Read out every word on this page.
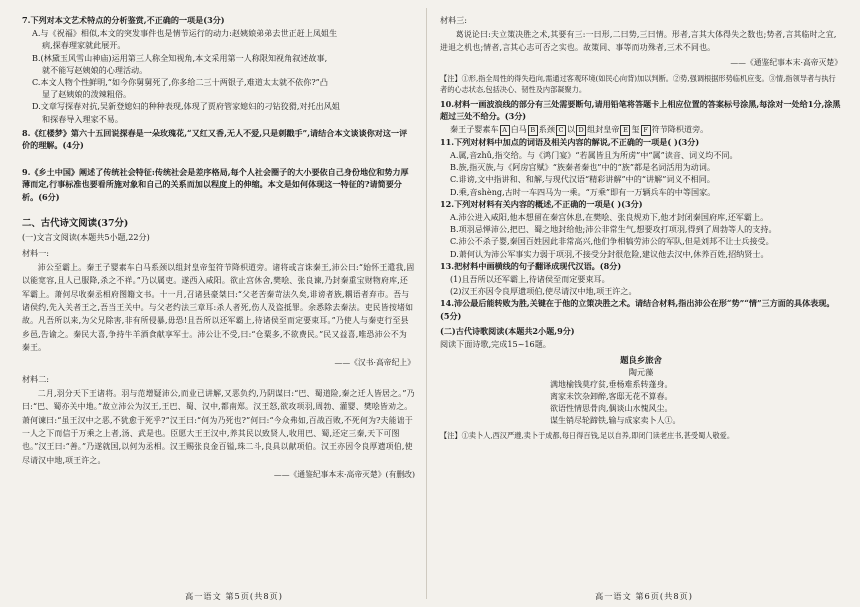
7.下列对本文艺术特点的分析鉴赏,不正确的一项是(3分)

A.与《祝福》相似,本文的突发事件也是情节运行的动力:赵姨娘弟弟去世正赶上凤姐生

病,探春理家就此展开。

B.(林黛玉风雪山神庙)运用第三人称全知视角,本文采用第一人称限知视角叙述故事,

就不能写赵姨娘的心理活动。

C.本文人物个性鲜明,“如今你舅舅死了,你多给二三十两银子,难道太太就不依你?”凸

显了赵姨娘的泼辣粗俗。

D.文章写探春对抗,吴新登媳妇的种种表现,体现了贾府管家媳妇的刁钻狡猾,对托出风姐

和探春导入理家不易。

8.《红楼梦》第六十五回说探春是一朵玫瑰花,“又红又香,无人不爱,只是刺戳手”,请结合本文谈谈你对这一评价的理解。(4分)

9.《乡土中国》阐述了传统社会特征:传统社会是差序格局,每个人社会圈子的大小要依自己身份地位和势力厚薄而定,行事标准也要看所施对象和自己的关系而加以程度上的伸缩。本文是如何体现这一特征的?请简要分析。(6分)

二、古代诗文阅读(37分)

(一)文言文阅读(本题共5小题,22分)

材料一:

沛公至霸上。秦王子婴素车白马系颈以组封皇帝玺符节降枳道旁。诸将或言诛秦王,沛公曰:“始怀王遣我,固以能宽容,且人已服降,杀之不祥。”乃以属吏。遂西入咸阳。欲止宫休舍,樊哙、张良谏,乃封秦重宝财物府库,还军霸上。萧何尽收秦丞相府图籍文书。十一月,召诸县豪桀曰:“父老苦秦苛法久矣,诽谤者族,耦语者弃市。吾与诸侯约,先入关者王之,吾当王关中。与父老约法三章耳:杀人者死,伤人及盗抵罪。余悉除去秦法。吏民皆按堵如故。凡吾所以来,为父兄除害,非有所侵暴,毋恐!且吾所以还军霸上,待诸侯至而定要束耳。”乃使人与秦吏行至县乡邑,告谕之。秦民大喜,争持牛羊酒食献享军士。沛公让不受,曰:“仓粟多,不欲费民。”民又益喜,唯恐沛公不为秦王。

——《汉书·高帝纪上》

材料二:

二月,羽分天下王诸将。羽与范增疑沛公,而业已讲解,又恶负约,乃阴谋曰:“巴、蜀道险,秦之迁人皆居之。”乃曰:“巴、蜀亦关中地。”故立沛公为汉王,王巴、蜀、汉中,都南郑。汉王怒,欲攻项羽,周勃、灌婴、樊哙皆劝之。萧何谏曰:“虽王汉中之恶,不犹愈于死乎?”汉王曰:“何为乃死也?”何曰:“今众弗如,百战百败,不死何为?夫能诎于一人之下而信于万乘之上者,汤、武是也。臣愿大王王汉中,养其民以致贤人,收用巴、蜀,还定三秦,天下可图也。”汉王曰:“善。”乃遂就国,以何为丞相。汉王赐张良金百镒,珠二斗,良具以献项伯。汉王亦因令良厚遗项伯,使尽请汉中地,项王许之。

——《通鉴纪事本末·高帝灭楚》(有删改)

材料三:

葛说论曰:夫立策决胜之术,其要有三:一曰形,二曰势,三曰情。形者,言其大体得失之数也;势者,言其临时之宜,进退之机也;情者,言其心志可否之实也。故策同、事等而功殊者,三术不同也。

——《通鉴纪事本末·高帝灭楚》

【注】①形,指全局性的得失趋向,需通过客观环境(如民心向背)加以判断。②势,强调根据形势临机应变。③情,指领导者与执行者的心志状态,包括决心、韧性及内部凝聚力。

10.材料一画波浪线的部分有三处需要断句,请用铅笔将答题卡上相应位置的答案标号涂黑,每涂对一处给1分,涂黑超过三处不给分。(3分)

秦王子婴素车 A 白马 B 系颈 C 以 D 组封皇帝 E 玺 F 符节降枳道旁。

11.下列对材料中加点的词语及相关内容的解说,不正确的一项是( )(3分)

A.属,音zhǔ,指交给。与《鸿门宴》“若属皆且为所虏”中“属”读音、词义均不同。

B.族,指灭族,与《阿房宫赋》“族秦者秦也”中的“族”都是名词活用为动词。

C.诽谤,文中指讲和、和解,与现代汉语“精彩讲解”中的“讲解”词义不相同。

D.乘,音shèng,古时一车四马为一乘。“万乘”即有一万辆兵车的中等国家。

12.下列对材料有关内容的概述,不正确的一项是( )(3分)

A.沛公进入咸阳,他本想留在秦宫休息,在樊哙、张良规劝下,他才封闭秦国府库,还军霸上。

B.项羽忌惮沛公,把巴、蜀之地封给他;沛公非常生气,想要攻打项羽,得到了周勃等人的支持。

C.沛公不杀子婴,秦国百姓因此非常高兴,他们争相犒劳沛公的军队,但是刘邦不让士兵接受。

D.萧何认为沛公军事实力弱于项羽,不接受分封很危险,建议他去汉中,休养百姓,招纳贤士。

13.把材料中画横线的句子翻译成现代汉语。(8分)

(1)且吾所以还军霸上,待诸侯至而定要束耳。

(2)汉王亦因令良厚遗项伯,使尽请汉中地,项王许之。

14.沛公最后能转败为胜,关键在于他的立策决胜之术。请结合材料,指出沛公在形“势”“情”三方面的具体表现。(5分)

(二)古代诗歌阅读(本题共2小题,9分)

阅读下面诗歌,完成15~16题。

题良乡旅舍

陶元藻

满地榆钱莫疗贫,垂杨难系转蓬身。

离家未饮杂卸醉,客邸无花不算春。

欲语性情思骨肉,偶谈山水愧风尘。

谋生销尽轮蹄铁,输与成家卖卜人①。

【注】①卖卜人,西汉严遵,卖卜于成都,每日得百钱,足以自养,即闭门读老庄书,甚受蜀人敬爱。

高一语文 第5页(共8页)	高一语文 第6页(共8页)
